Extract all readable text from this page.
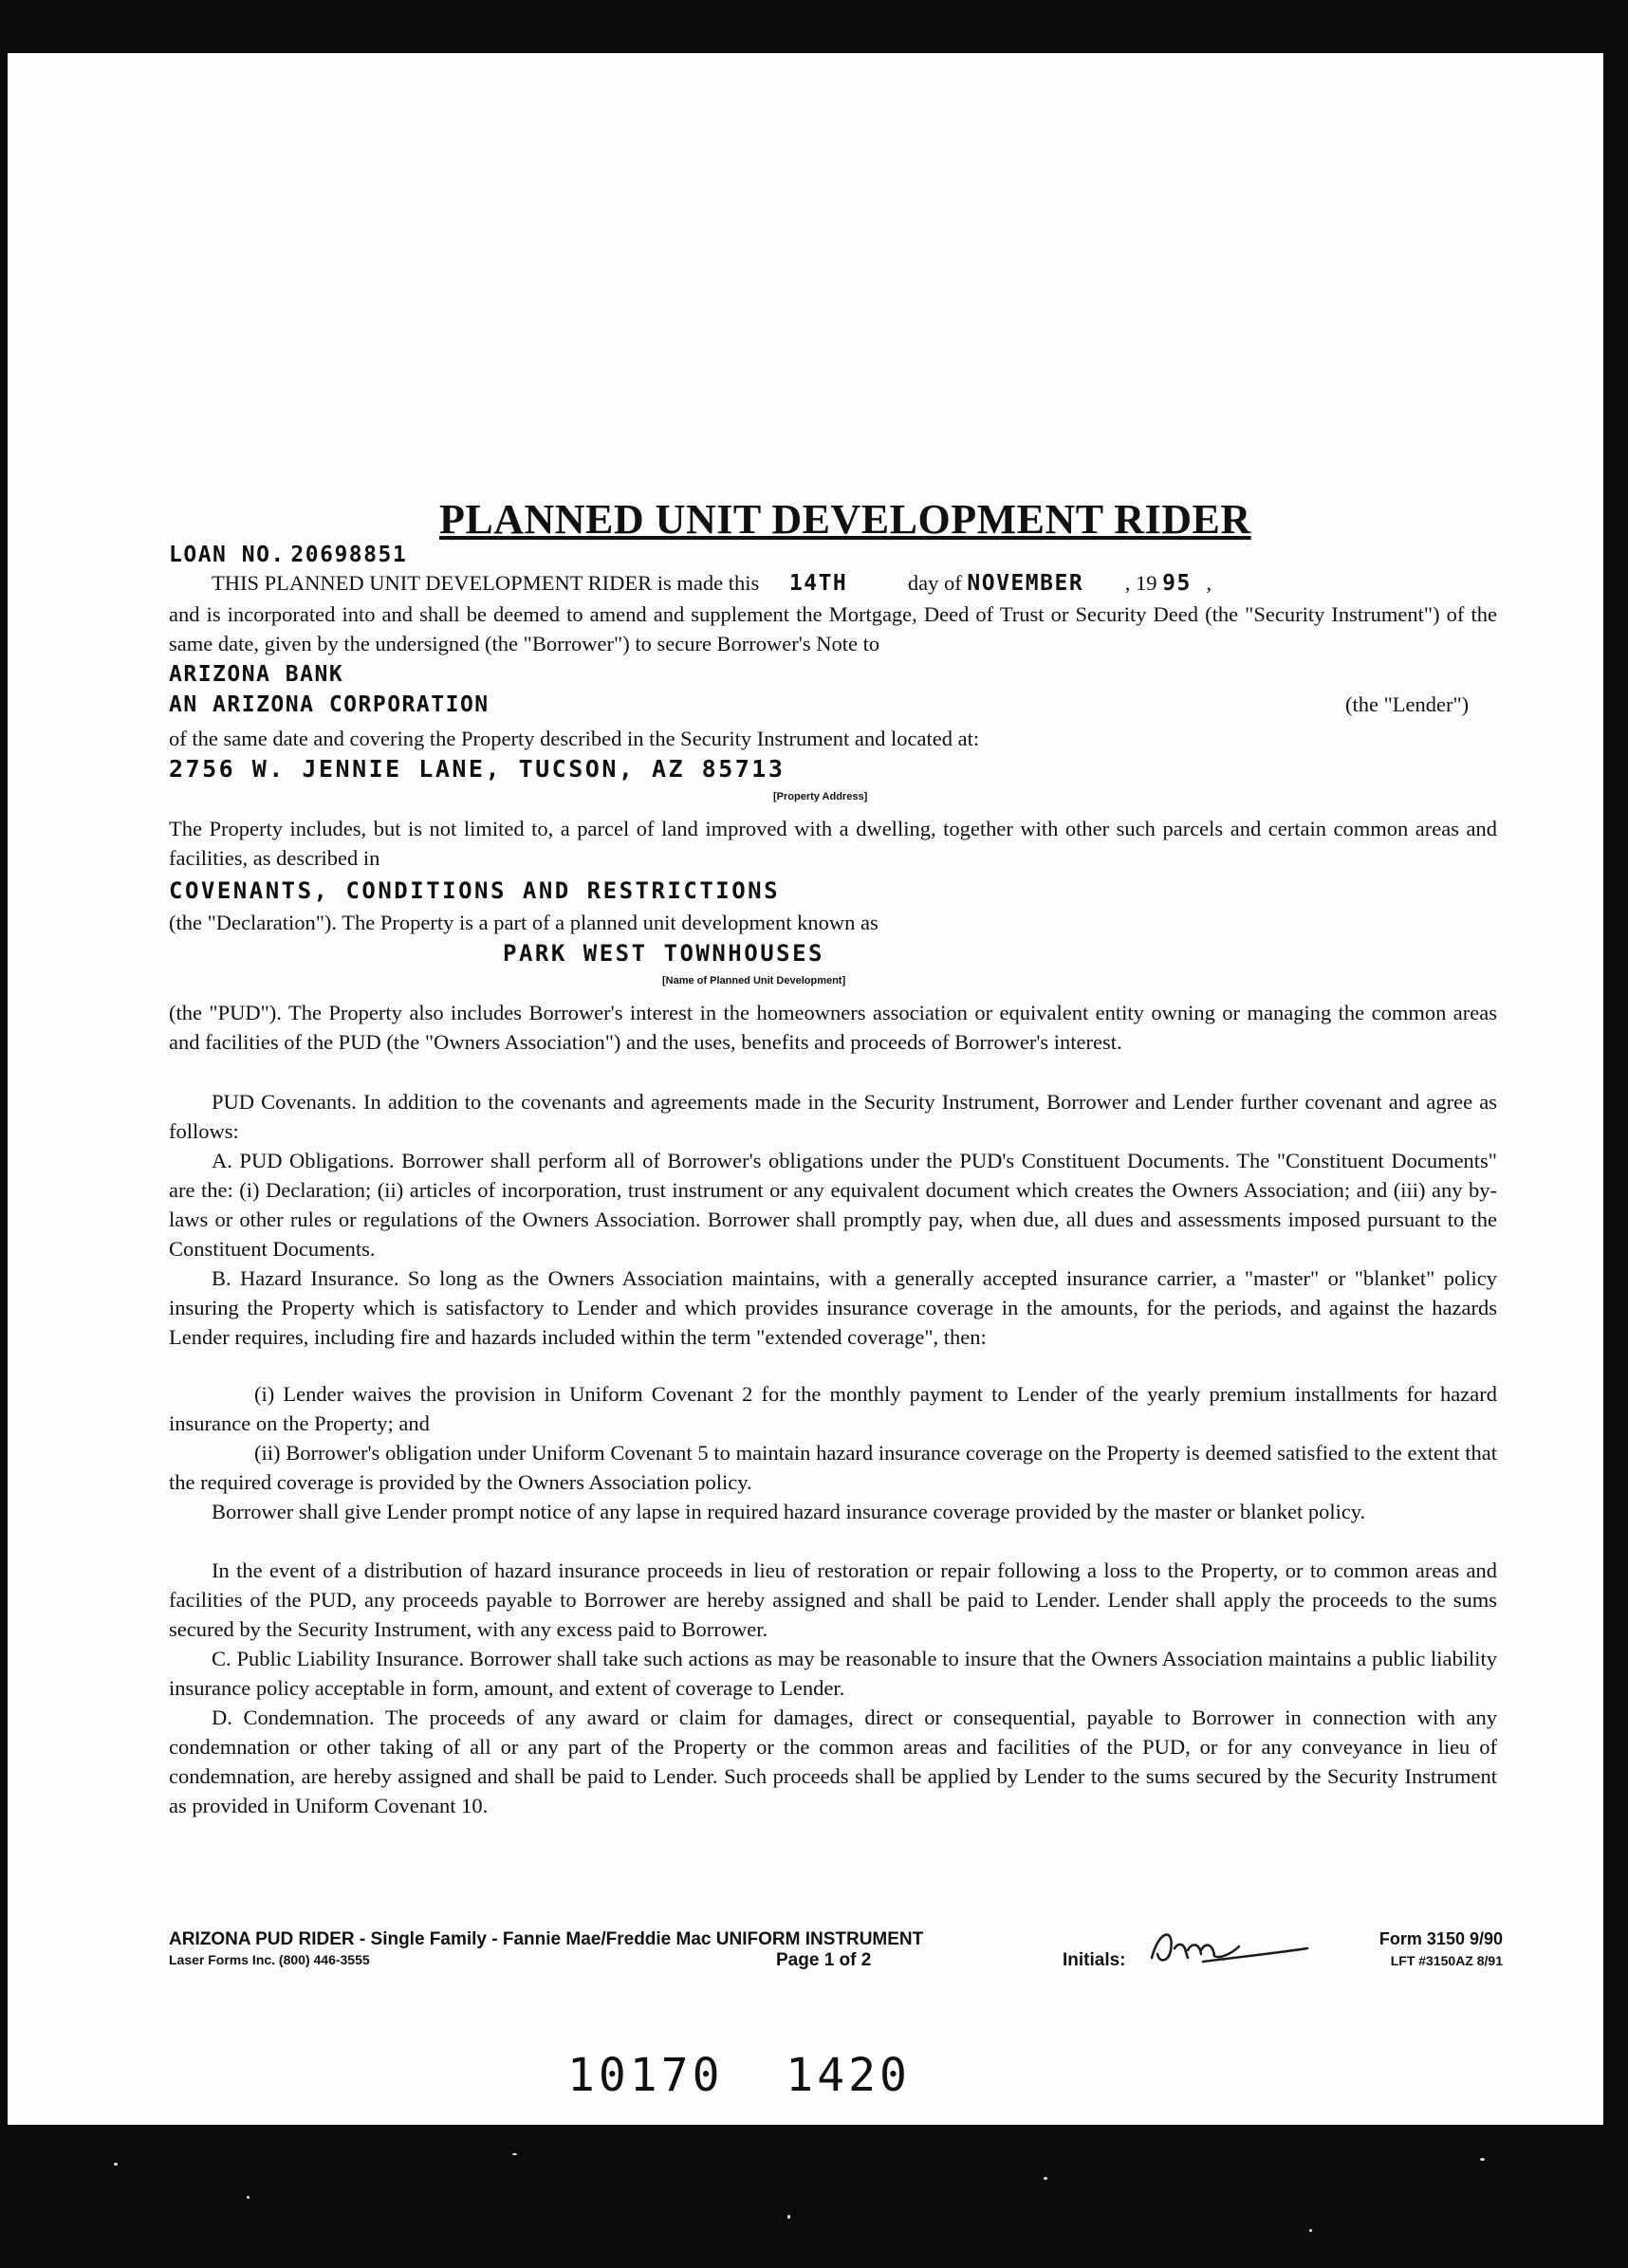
PLANNED UNIT DEVELOPMENT RIDER
LOAN NO. 20698851
THIS PLANNED UNIT DEVELOPMENT RIDER is made this 14TH	day of NOVEMBER , 19 95 ,
and is incorporated into and shall be deemed to amend and supplement the Mortgage, Deed of Trust or Security Deed (the "Security Instrument") of the same date, given by the undersigned (the "Borrower") to secure Borrower's Note to
ARIZONA BANK
AN ARIZONA CORPORATION	(the "Lender")
of the same date and covering the Property described in the Security Instrument and located at:
2756 W. JENNIE LANE, TUCSON, AZ 85713
[Property Address]
The Property includes, but is not limited to, a parcel of land improved with a dwelling, together with other such parcels and certain common areas and facilities, as described in
COVENANTS, CONDITIONS AND RESTRICTIONS
(the "Declaration"). The Property is a part of a planned unit development known as
PARK WEST TOWNHOUSES
[Name of Planned Unit Development]
(the "PUD"). The Property also includes Borrower's interest in the homeowners association or equivalent entity owning or managing the common areas and facilities of the PUD (the "Owners Association") and the uses, benefits and proceeds of Borrower's interest.
PUD Covenants. In addition to the covenants and agreements made in the Security Instrument, Borrower and Lender further covenant and agree as follows:
A. PUD Obligations. Borrower shall perform all of Borrower's obligations under the PUD's Constituent Documents. The "Constituent Documents" are the: (i) Declaration; (ii) articles of incorporation, trust instrument or any equivalent document which creates the Owners Association; and (iii) any by-laws or other rules or regulations of the Owners Association. Borrower shall promptly pay, when due, all dues and assessments imposed pursuant to the Constituent Documents.
B. Hazard Insurance. So long as the Owners Association maintains, with a generally accepted insurance carrier, a "master" or "blanket" policy insuring the Property which is satisfactory to Lender and which provides insurance coverage in the amounts, for the periods, and against the hazards Lender requires, including fire and hazards included within the term "extended coverage", then:
(i) Lender waives the provision in Uniform Covenant 2 for the monthly payment to Lender of the yearly premium installments for hazard insurance on the Property; and
(ii) Borrower's obligation under Uniform Covenant 5 to maintain hazard insurance coverage on the Property is deemed satisfied to the extent that the required coverage is provided by the Owners Association policy.
Borrower shall give Lender prompt notice of any lapse in required hazard insurance coverage provided by the master or blanket policy.
In the event of a distribution of hazard insurance proceeds in lieu of restoration or repair following a loss to the Property, or to common areas and facilities of the PUD, any proceeds payable to Borrower are hereby assigned and shall be paid to Lender. Lender shall apply the proceeds to the sums secured by the Security Instrument, with any excess paid to Borrower.
C. Public Liability Insurance. Borrower shall take such actions as may be reasonable to insure that the Owners Association maintains a public liability insurance policy acceptable in form, amount, and extent of coverage to Lender.
D. Condemnation. The proceeds of any award or claim for damages, direct or consequential, payable to Borrower in connection with any condemnation or other taking of all or any part of the Property or the common areas and facilities of the PUD, or for any conveyance in lieu of condemnation, are hereby assigned and shall be paid to Lender. Such proceeds shall be applied by Lender to the sums secured by the Security Instrument as provided in Uniform Covenant 10.
ARIZONA PUD RIDER - Single Family - Fannie Mae/Freddie Mac UNIFORM INSTRUMENT
Laser Forms Inc. (800) 446-3555	Page 1 of 2	Initials:
Form 3150 9/90
LFT #3150AZ 8/91
10170  1420
